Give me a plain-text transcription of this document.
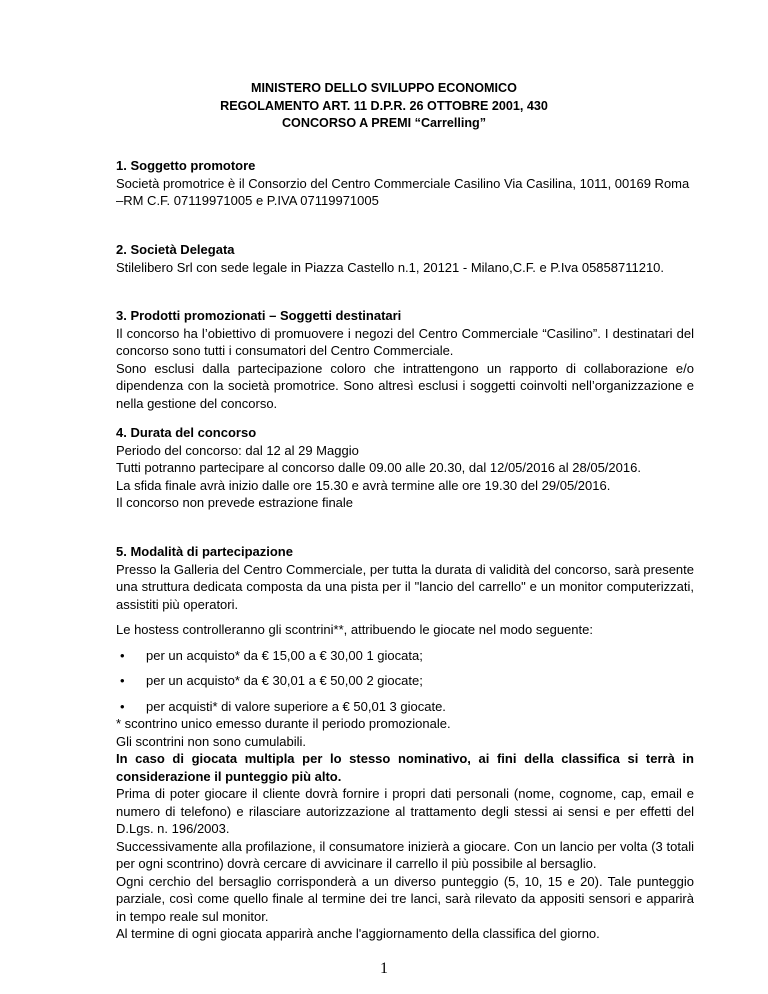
MINISTERO DELLO SVILUPPO ECONOMICO
REGOLAMENTO ART. 11 D.P.R. 26 OTTOBRE 2001, 430
CONCORSO A PREMI “Carrelling”

1. Soggetto promotore

Società promotrice è il Consorzio del Centro Commerciale Casilino Via Casilina, 1011, 00169 Roma –RM C.F. 07119971005 e P.IVA 07119971005

2. Società Delegata

Stilelibero Srl con sede legale in Piazza Castello n.1, 20121 - Milano,C.F. e P.Iva 05858711210.

3. Prodotti promozionati – Soggetti destinatari

Il concorso ha l’obiettivo di promuovere i negozi del Centro Commerciale “Casilino”. I destinatari del concorso sono tutti i consumatori del Centro Commerciale.

Sono esclusi dalla partecipazione coloro che intrattengono un rapporto di collaborazione e/o dipendenza con la società promotrice. Sono altresì esclusi i soggetti coinvolti nell’organizzazione e nella gestione del concorso.

4. Durata del concorso

Periodo del concorso: dal 12 al 29 Maggio

Tutti potranno partecipare al concorso dalle 09.00 alle 20.30, dal 12/05/2016 al 28/05/2016.

La sfida finale avrà inizio dalle ore 15.30 e avrà termine alle ore 19.30 del 29/05/2016.

Il concorso non prevede estrazione finale

5. Modalità di partecipazione

Presso la Galleria del Centro Commerciale, per tutta la durata di validità del concorso, sarà presente una struttura dedicata composta da una pista per il "lancio del carrello" e un monitor computerizzati, assistiti più operatori.

Le hostess controlleranno gli scontrini**, attribuendo le giocate nel modo seguente:

• per un acquisto* da € 15,00 a € 30,00 1 giocata;

• per un acquisto* da € 30,01 a € 50,00 2 giocate;

• per acquisti* di valore superiore a € 50,01 3 giocate.

* scontrino unico emesso durante il periodo promozionale.

Gli scontrini non sono cumulabili.

In caso di giocata multipla per lo stesso nominativo, ai fini della classifica si terrà in considerazione il punteggio più alto.

Prima di poter giocare il cliente dovrà fornire i propri dati personali (nome, cognome, cap, email e numero di telefono) e rilasciare autorizzazione al trattamento degli stessi ai sensi e per effetti del D.Lgs. n. 196/2003.

Successivamente alla profilazione, il consumatore inizierà a giocare. Con un lancio per volta (3 totali per ogni scontrino) dovrà cercare di avvicinare il carrello il più possibile al bersaglio.

Ogni cerchio del bersaglio corrisponderà a un diverso punteggio (5, 10, 15 e 20). Tale punteggio parziale, così come quello finale al termine dei tre lanci, sarà rilevato da appositi sensori e apparirà in tempo reale sul monitor.

Al termine di ogni giocata apparirà anche l'aggiornamento della classifica del giorno.

1
